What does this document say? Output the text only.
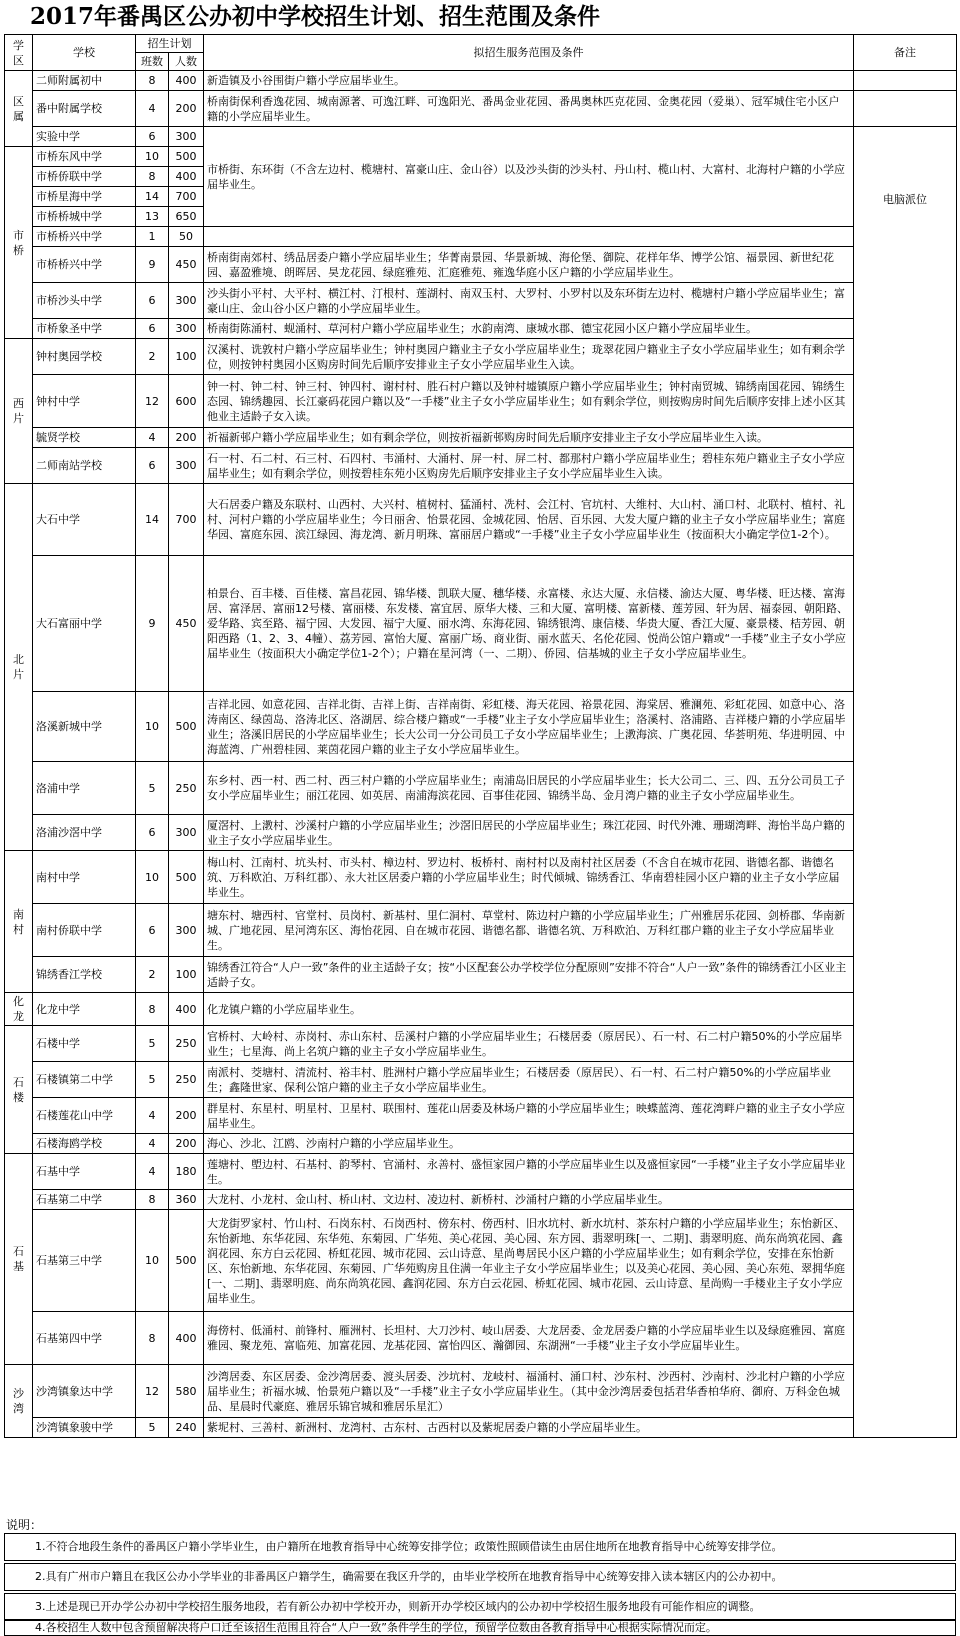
2017年番禺区公办初中学校招生计划、招生范围及条件
学区	学校	招生计划		拟招生服务范围及条件	备注
		班数	人数		
区属	二师附属初中	8	400	新造镇及小谷围街户籍小学应届毕业生。	
	番中附属学校	4	200	桥南街保利香逸花园、城南源著、可逸江畔、可逸阳光、番禺金业花园、番禺奥林匹克花园、金奥花园（爱巢）、冠军城住宅小区户籍的小学应届毕业生。	
	实验中学	6	300	市桥街、东环街（不含左边村、榄塘村、富豪山庄、金山谷）以及沙头街的沙头村、丹山村、榄山村、大富村、北海村户籍的小学应届毕业生。	电脑派位
市桥	市桥东风中学	10	500		
	市桥侨联中学	8	400		
	市桥星海中学	14	700		
	市桥桥城中学	13	650		
	市桥桥兴中学	1	50		
	市桥桥兴中学	9	450	桥南街南郊村、绣品居委户籍小学应届毕业生；华菁南景园、华景新城、海伦堡、御院、花样年华、博学公馆、福景园、新世纪花园、嘉盈雅境、朗晖居、昊龙花园、绿庭雅苑、汇庭雅苑、雍逸华庭小区户籍的小学应届毕业生。	
	市桥沙头中学	6	300	沙头街小平村、大平村、横江村、汀根村、莲湖村、南双玉村、大罗村、小罗村以及东环街左边村、榄塘村户籍小学应届毕业生；富豪山庄、金山谷小区户籍的小学应届毕业生。	
	市桥象圣中学	6	300	桥南街陈涌村、蚬涌村、草河村户籍小学应届毕业生；水韵南湾、康城水郡、德宝花园小区户籍小学应届毕业生。	
西片	钟村奥园学校	2	100	汉溪村、诜敦村户籍小学应届毕业生；钟村奥园户籍业主子女小学应届毕业生；珑翠花园户籍业主子女小学应届毕业生；如有剩余学位，则按钟村奥园小区购房时间先后顺序安排业主子女小学应届毕业生入读。	
	钟村中学	12	600	钟一村、钟二村、钟三村、钟四村、谢村村、胜石村户籍以及钟村墟镇原户籍小学应届毕业生；钟村南贸城、锦绣南国花园、锦绣生态园、锦绣趣园、长江豪码花园户籍以及“一手楼”业主子女小学应届毕业生；如有剩余学位，则按购房时间先后顺序安排上述小区其他业主适龄子女入读。	
	毓贤学校	4	200	祈福新邨户籍小学应届毕业生；如有剩余学位，则按祈福新邨购房时间先后顺序安排业主子女小学应届毕业生入读。	
	二师南站学校	6	300	石一村、石二村、石三村、石四村、韦涌村、大涌村、屏一村、屏二村、都那村户籍小学应届毕业生；碧桂东苑户籍业主子女小学应届毕业生；如有剩余学位，则按碧桂东苑小区购房先后顺序安排业主子女小学应届毕业生入读。	
北片	大石中学	14	700	大石居委户籍及东联村、山西村、大兴村、植树村、猛涌村、冼村、会江村、官坑村、大维村、大山村、涌口村、北联村、植村、礼村、河村户籍的小学应届毕业生；今日丽舍、怡景花园、金城花园、怡居、百乐园、大发大厦户籍的业主子女小学应届毕业生；富庭华园、富庭东园、滨江绿园、海龙湾、新月明珠、富丽居户籍或“一手楼”业主子女小学应届毕业生（按面积大小确定学位1-2个）。	
	大石富丽中学	9	450	柏景台、百丰楼、百佳楼、富昌花园、锦华楼、凯联大厦、穗华楼、永富楼、永达大厦、永信楼、渝达大厦、粤华楼、旺达楼、富海居、富泽居、富丽12号楼、富丽楼、东发楼、富宜居、原华大楼、三和大厦、富明楼、富新楼、莲芳园、轩为居、福泰园、朝阳路、爱华路、宾至路、福宁园、大发园、福宁大厦、丽水湾、东海花园、锦绣银湾、康信楼、华贵大厦、香江大厦、豪景楼、桔芳园、朝阳西路（1、2、3、4幢）、荔芳园、富怡大厦、富丽广场、商业街、丽水蓝天、名伦花园、悦尚公馆户籍或“一手楼”业主子女小学应届毕业生（按面积大小确定学位1-2个）；户籍在星河湾（一、二期）、侨园、信基城的业主子女小学应届毕业生。	
	洛溪新城中学	10	500	吉祥北园、如意花园、吉祥北街、吉祥上街、吉祥南街、彩虹楼、海天花园、裕景花园、海棠居、雅澜苑、彩虹花园、如意中心、洛涛南区、绿茵岛、洛涛北区、洛湖居、综合楼户籍或“一手楼”业主子女小学应届毕业生；洛溪村、洛浦路、吉祥楼户籍的小学应届毕业生；洛溪旧居民的小学应届毕业生；长大公司一分公司员工子女小学应届毕业生；上漖海滨、广奥花园、华荟明苑、华进明园、中海蓝湾、广州碧桂园、莱茵花园户籍的业主子女小学应届毕业生。	
	洛浦中学	5	250	东乡村、西一村、西二村、西三村户籍的小学应届毕业生；南浦岛旧居民的小学应届毕业生；长大公司二、三、四、五分公司员工子女小学应届毕业生；丽江花园、如英居、南浦海滨花园、百事佳花园、锦绣半岛、金月湾户籍的业主子女小学应届毕业生。	
	洛浦沙滘中学	6	300	厦滘村、上漖村、沙溪村户籍的小学应届毕业生；沙滘旧居民的小学应届毕业生；珠江花园、时代外滩、珊瑚湾畔、海怡半岛户籍的业主子女小学应届毕业生。	
南村	南村中学	10	500	梅山村、江南村、坑头村、市头村、樟边村、罗边村、板桥村、南村村以及南村社区居委（不含自在城市花园、谐德名都、谐德名筑、万科欧泊、万科红郡）、永大社区居委户籍的小学应届毕业生；时代倾城、锦绣香江、华南碧桂园小区户籍的业主子女小学应届毕业生。	
	南村侨联中学	6	300	塘东村、塘西村、官堂村、员岗村、新基村、里仁洞村、草堂村、陈边村户籍的小学应届毕业生；广州雅居乐花园、剑桥郡、华南新城、广地花园、星河湾东区、海怡花园、自在城市花园、谐德名都、谐德名筑、万科欧泊、万科红郡户籍的业主子女小学应届毕业生。	
	锦绣香江学校	2	100	锦绣香江符合“人户一致”条件的业主适龄子女；按“小区配套公办学校学位分配原则”安排不符合“人户一致”条件的锦绣香江小区业主适龄子女。	
化龙	化龙中学	8	400	化龙镇户籍的小学应届毕业生。	
石楼	石楼中学	5	250	官桥村、大岭村、赤岗村、赤山东村、岳溪村户籍的小学应届毕业生；石楼居委（原居民）、石一村、石二村户籍50%的小学应届毕业生；七星海、尚上名筑户籍的业主子女小学应届毕业生。	
	石楼镇第二中学	5	250	南派村、茭塘村、清流村、裕丰村、胜洲村户籍小学应届毕业生；石楼居委（原居民）、石一村、石二村户籍50%的小学应届毕业生；鑫隆世家、保利公馆户籍的业主子女小学应届毕业生。	
	石楼莲花山中学	4	200	群星村、东星村、明星村、卫星村、联围村、莲花山居委及林场户籍的小学应届毕业生；映蝶蓝湾、莲花湾畔户籍的业主子女小学应届毕业生。	
	石楼海鸥学校	4	200	海心、沙北、江鸥、沙南村户籍的小学应届毕业生。	
石基	石基中学	4	180	莲塘村、塱边村、石基村、韵琴村、官涌村、永善村、盛恒家园户籍的小学应届毕业生以及盛恒家园“一手楼”业主子女小学应届毕业生。	
	石基第二中学	8	360	大龙村、小龙村、金山村、桥山村、文边村、凌边村、新桥村、沙涌村户籍的小学应届毕业生。	
	石基第三中学	10	500	大龙街罗家村、竹山村、石岗东村、石岗西村、傍东村、傍西村、旧水坑村、新水坑村、茶东村户籍的小学应届毕业生；东怡新区、东怡新地、东华花园、东华苑、东菊园、广华苑、美心花园、美心园、东方园、翡翠明珠[一、二期]、翡翠明庭、尚东尚筑花园、鑫润花园、东方白云花园、桥虹花园、城市花园、云山诗意、星尚粤居民小区户籍的小学应届毕业生；如有剩余学位，安排在东怡新区、东怡新地、东华花园、东菊园、广华苑购房且住满一年业主子女小学应届毕业生；以及美心花园、美心园、美心东苑、翠拥华庭[一、二期]、翡翠明庭、尚东尚筑花园、鑫润花园、东方白云花园、桥虹花园、城市花园、云山诗意、星尚购一手楼业主子女小学应届毕业生。	
	石基第四中学	8	400	海傍村、低涌村、前锋村、雁洲村、长坦村、大刀沙村、岐山居委、大龙居委、金龙居委户籍的小学应届毕业生以及绿庭雅园、富庭雅园、聚龙苑、富临苑、加富花园、龙基花园、富怡四区、瀚御园、东湖洲“一手楼”业主子女小学应届毕业生。	
沙湾	沙湾镇象达中学	12	580	沙湾居委、东区居委、金沙湾居委、渡头居委、沙坑村、龙岐村、福涌村、涌口村、沙东村、沙西村、沙南村、沙北村户籍的小学应届毕业生；祈福水城、怡景苑户籍以及“一手楼”业主子女小学应届毕业生。（其中金沙湾居委包括君华香柏华府、御府、万科金色城品、星晨时代豪庭、雅居乐锦官城和雅居乐星汇）	
	沙湾镇象骏中学	5	240	紫坭村、三善村、新洲村、龙湾村、古东村、古西村以及紫坭居委户籍的小学应届毕业生。	
说明：
1.不符合地段生条件的番禺区户籍小学毕业生，由户籍所在地教育指导中心统筹安排学位；政策性照顾借读生由居住地所在地教育指导中心统筹安排学位。
2.具有广州市户籍且在我区公办小学毕业的非番禺区户籍学生，确需要在我区升学的，由毕业学校所在地教育指导中心统筹安排入读本辖区内的公办初中。
3.上述是现已开办学公办初中学校招生服务地段，若有新公办初中学校开办，则新开办学校区域内的公办初中学校招生服务地段有可能作相应的调整。
4.各校招生人数中包含预留解决将户口迁至该招生范围且符合“人户一致”条件学生的学位，预留学位数由各教育指导中心根据实际情况而定。
